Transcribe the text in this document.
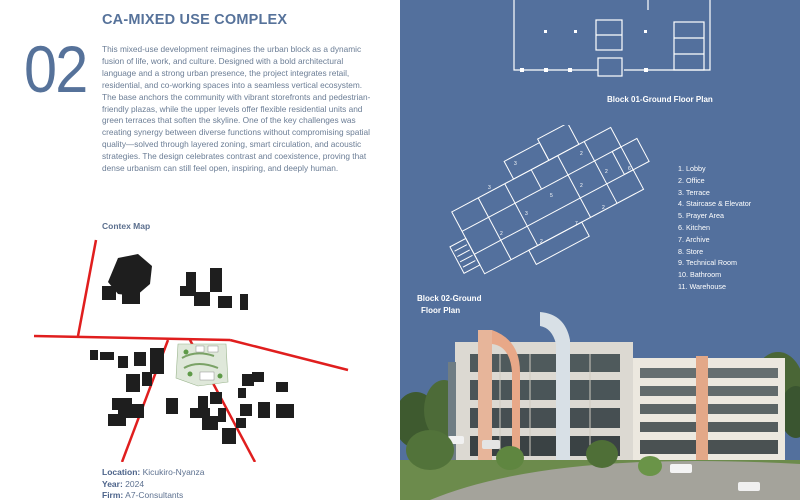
02
CA-MIXED USE COMPLEX
This mixed-use development reimagines the urban block as a dynamic fusion of life, work, and culture. Designed with a bold architectural language and a strong urban presence, the project integrates retail, residential, and co-working spaces into a seamless vertical ecosystem. The base anchors the community with vibrant storefronts and pedestrian-friendly plazas, while the upper levels offer flexible residential units and green terraces that soften the skyline. One of the key challenges was creating synergy between diverse functions without compromising spatial quality—solved through layered zoning, smart circulation, and acoustic strategies. The design celebrates contrast and coexistence, proving that dense urbanism can still feel open, inspiring, and deeply human.
Contex Map
Location: Kicukiro-Nyanza
Year: 2024
Firm: A7-Consultants
Block 01-Ground Floor Plan
2
3
5
2
2	6
2
7
2
3
2
3
Block 02-Ground
Floor Plan
1. Lobby
2. Office
3. Terrace
4. Staircase & Elevator
5. Prayer Area
6. Kitchen
7. Archive
8. Store
9. Technical Room
10. Bathroom
11. Warehouse
